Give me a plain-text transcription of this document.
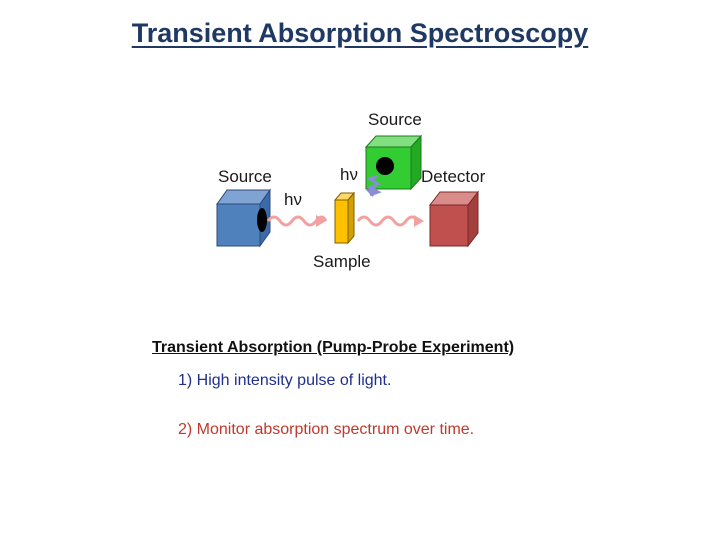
Transient Absorption Spectroscopy
Source
Source	hν
hν
Detector
Sample
Transient Absorption (Pump-Probe Experiment)
1) High intensity pulse of light.
2) Monitor absorption spectrum over time.
